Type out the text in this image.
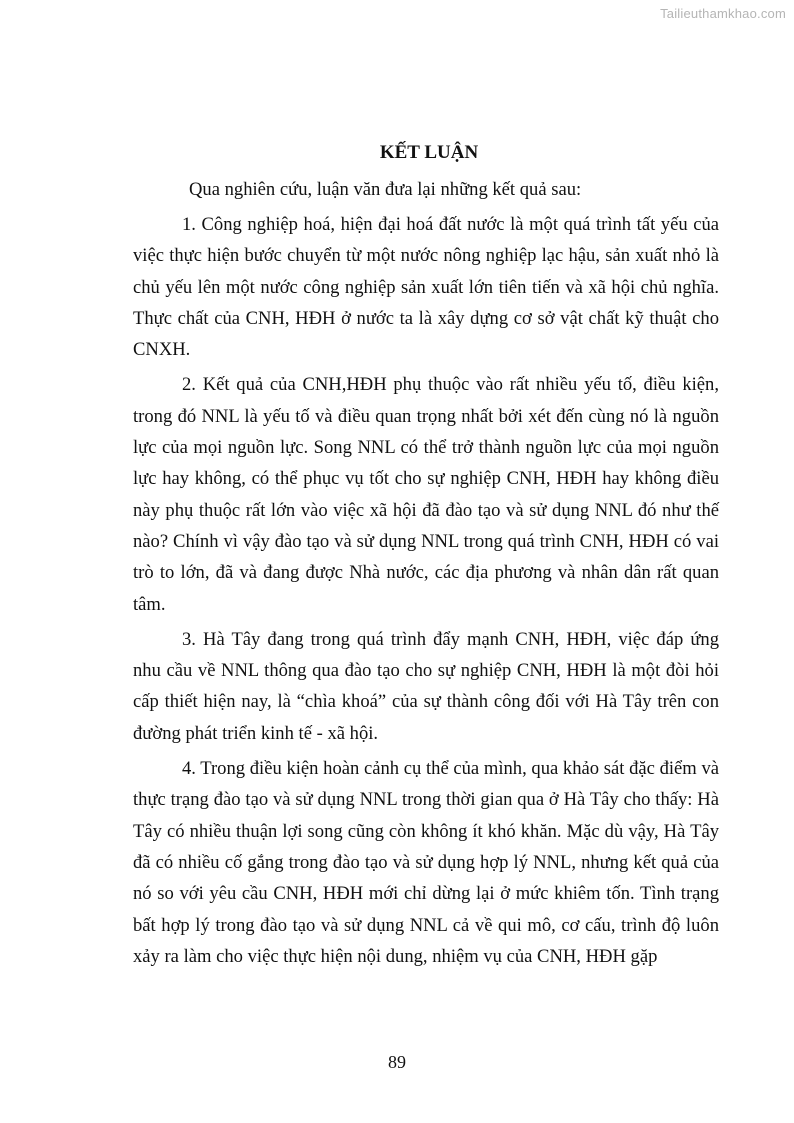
Tailieuthamkhao.com
KẾT LUẬN

Qua nghiên cứu, luận văn đưa lại những kết quả sau:

1. Công nghiệp hoá, hiện đại hoá đất nước là một quá trình tất yếu của việc thực hiện bước chuyển từ một nước nông nghiệp lạc hậu, sản xuất nhỏ là chủ yếu lên một nước công nghiệp sản xuất lớn tiên tiến và xã hội chủ nghĩa. Thực chất của CNH, HĐH ở nước ta là xây dựng cơ sở vật chất kỹ thuật cho CNXH.

2. Kết quả của CNH,HĐH phụ thuộc vào rất nhiều yếu tố, điều kiện, trong đó NNL là yếu tố và điều quan trọng nhất bởi xét đến cùng nó là nguồn lực của mọi nguồn lực. Song NNL có thể trở thành nguồn lực của mọi nguồn lực hay không, có thể phục vụ tốt cho sự nghiệp CNH, HĐH hay không điều này phụ thuộc rất lớn vào việc xã hội đã đào tạo và sử dụng NNL đó như thế nào? Chính vì vậy đào tạo và sử dụng NNL trong quá trình CNH, HĐH có vai trò to lớn, đã và đang được Nhà nước, các địa phương và nhân dân rất quan tâm.

3. Hà Tây đang trong quá trình đẩy mạnh CNH, HĐH, việc đáp ứng nhu cầu về NNL thông qua đào tạo cho sự nghiệp CNH, HĐH là một đòi hỏi cấp thiết hiện nay, là “chìa khoá” của sự thành công đối với Hà Tây trên con đường phát triển kinh tế - xã hội.

4. Trong điều kiện hoàn cảnh cụ thể của mình, qua khảo sát đặc điểm và thực trạng đào tạo và sử dụng NNL trong thời gian qua ở Hà Tây cho thấy: Hà Tây có nhiều thuận lợi song cũng còn không ít khó khăn. Mặc dù vậy, Hà Tây đã có nhiều cố gắng trong đào tạo và sử dụng hợp lý NNL, nhưng kết quả của nó so với yêu cầu CNH, HĐH mới chỉ dừng lại ở mức khiêm tốn. Tình trạng bất hợp lý trong đào tạo và sử dụng NNL cả về qui mô, cơ cấu, trình độ luôn xảy ra làm cho việc thực hiện nội dung, nhiệm vụ của CNH, HĐH gặp

89
